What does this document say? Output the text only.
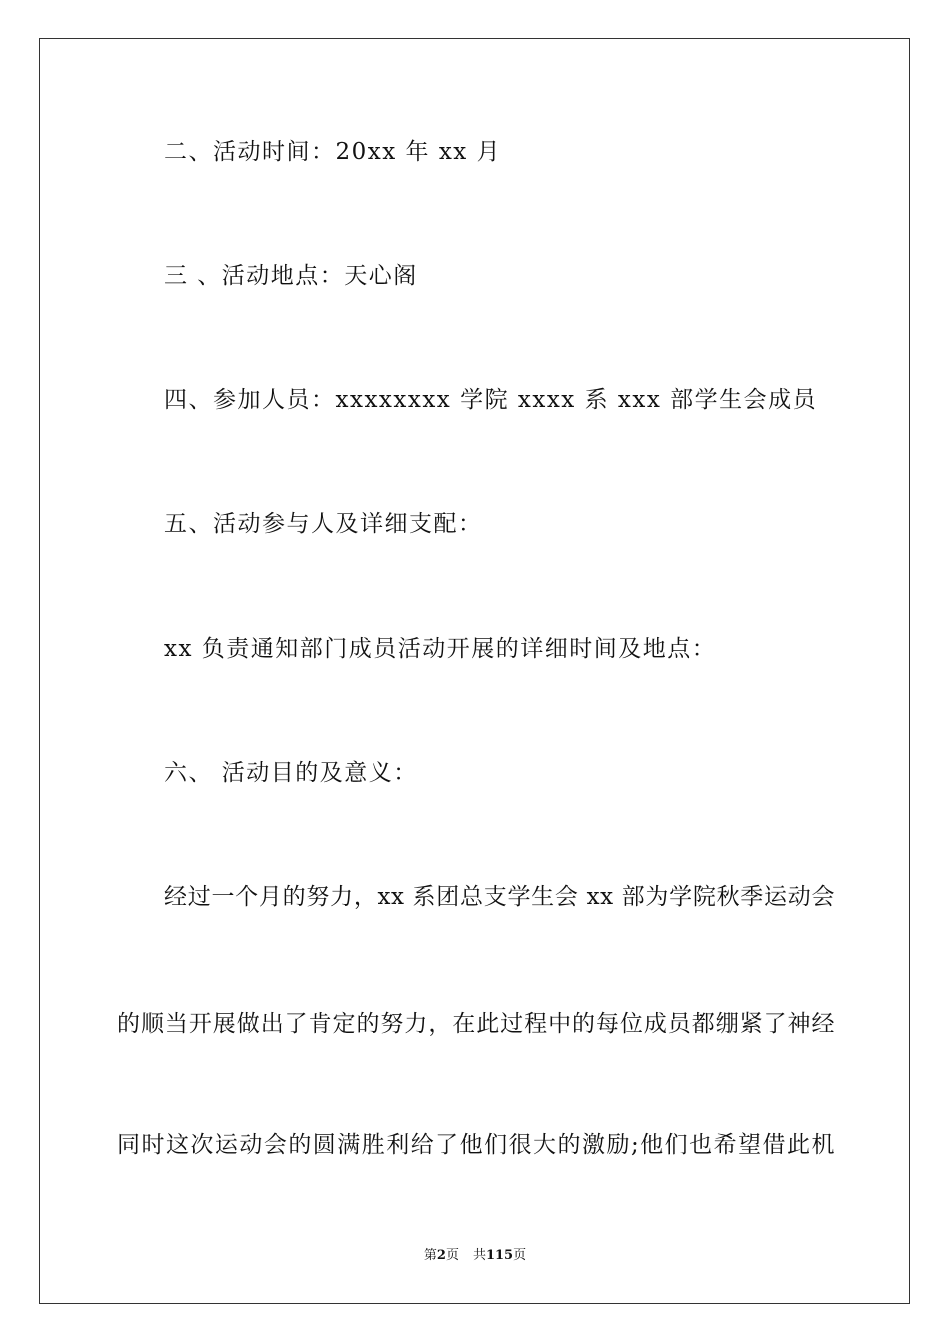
二、活动时间：20xx 年 xx 月
三 、活动地点：天心阁
四、参加人员：xxxxxxxx 学院 xxxx 系 xxx 部学生会成员
五、活动参与人及详细支配：
xx 负责通知部门成员活动开展的详细时间及地点：
六、 活动目的及意义：
经过一个月的努力，xx 系团总支学生会 xx 部为学院秋季运动会
的顺当开展做出了肯定的努力，在此过程中的每位成员都绷紧了神经
同时这次运动会的圆满胜利给了他们很大的激励;他们也希望借此机
第2页 共115页
